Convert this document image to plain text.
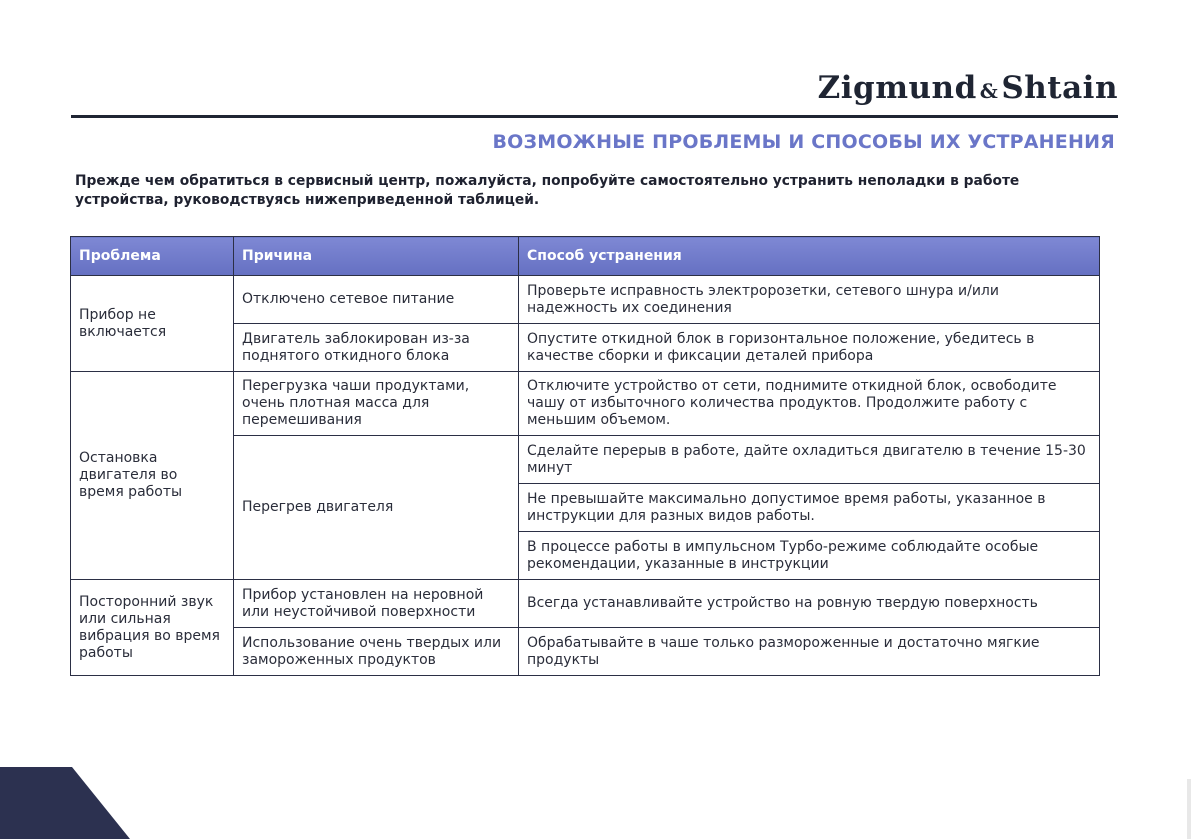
Zigmund &Shtain
ВОЗМОЖНЫЕ ПРОБЛЕМЫ И СПОСОБЫ ИХ УСТРАНЕНИЯ
Прежде чем обратиться в сервисный центр, пожалуйста, попробуйте самостоятельно устранить неполадки в работе устройства, руководствуясь нижеприведенной таблицей.
Проблема	Причина	Способ устранения
Прибор не включается	Отключено сетевое питание	Проверьте исправность электророзетки, сетевого шнура и/или надежность их соединения
	Двигатель заблокирован из-за поднятого откидного блока	Опустите откидной блок в горизонтальное положение, убедитесь в качестве сборки и фиксации деталей прибора
Остановка двигателя во время работы	Перегрузка чаши продуктами, очень плотная масса для перемешивания	Отключите устройство от сети, поднимите откидной блок, освободите чашу от избыточного количества продуктов. Продолжите работу с меньшим объемом.
	Перегрев двигателя	Сделайте перерыв в работе, дайте охладиться двигателю в течение 15-30 минут
		Не превышайте максимально допустимое время работы, указанное в инструкции для разных видов работы.
		В процессе работы в импульсном Турбо-режиме соблюдайте особые рекомендации, указанные в инструкции
Посторонний звук или сильная вибрация во время работы	Прибор установлен на неровной или неустойчивой поверхности	Всегда устанавливайте устройство на ровную твердую поверхность
	Использование очень твердых или замороженных продуктов	Обрабатывайте в чаше только размороженные и достаточно мягкие продукты
